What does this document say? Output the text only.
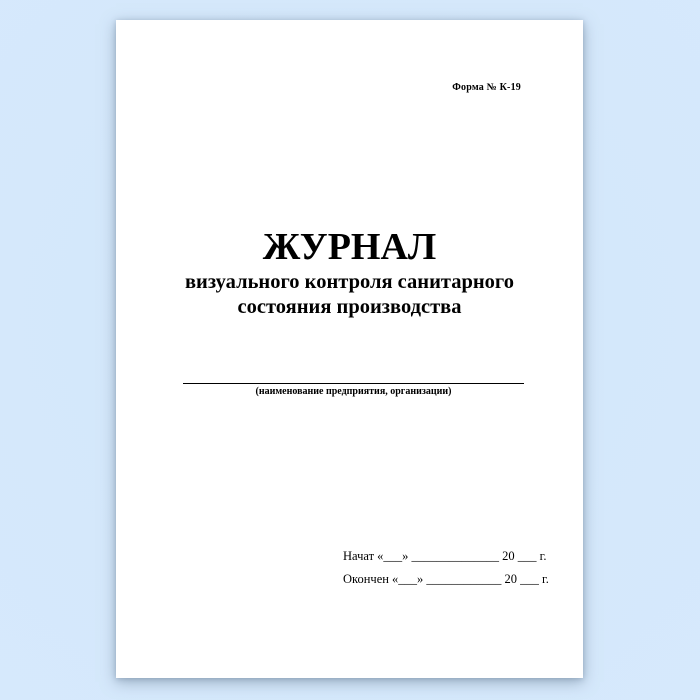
Форма № К-19
ЖУРНАЛ
визуального контроля санитарного
состояния производства
(наименование предприятия, организации)
Начат «___» ______________ 20 ___ г.
Окончен «___» ____________ 20 ___ г.
